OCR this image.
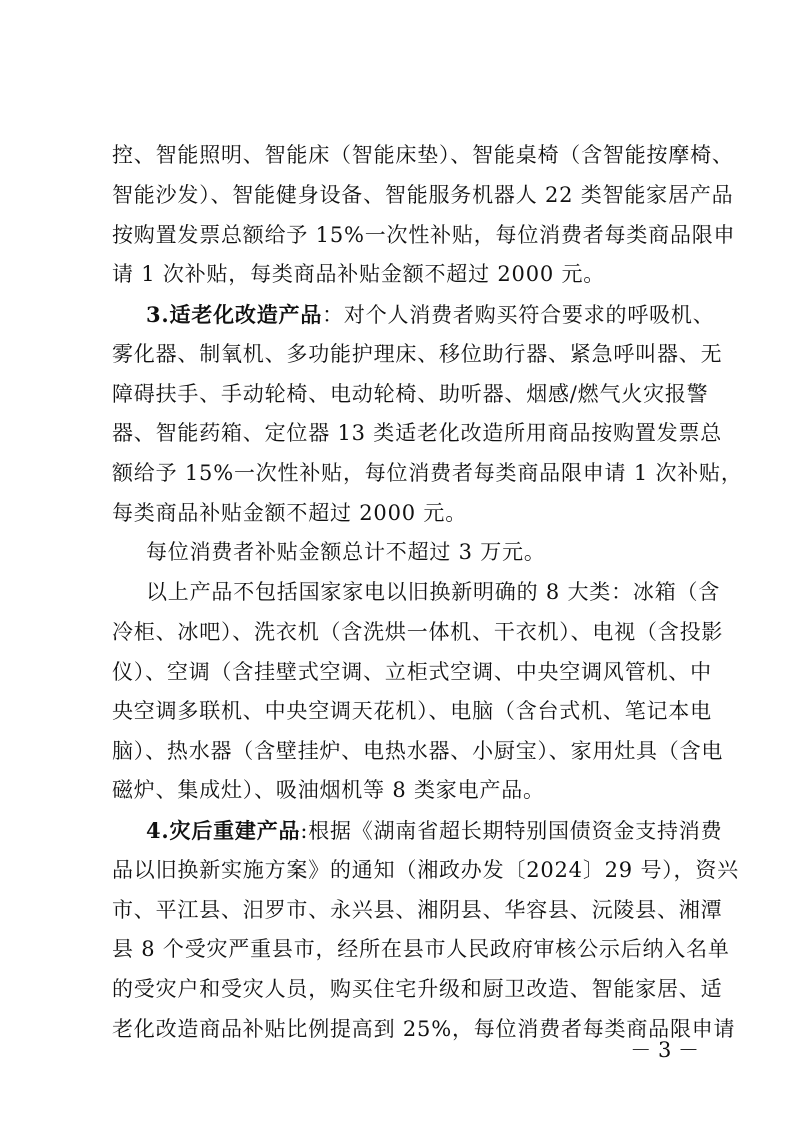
控、智能照明、智能床（智能床垫）、智能桌椅（含智能按摩椅、
智能沙发）、智能健身设备、智能服务机器人 22 类智能家居产品
按购置发票总额给予 15%一次性补贴，每位消费者每类商品限申
请 1 次补贴，每类商品补贴金额不超过 2000 元。
3.适老化改造产品：对个人消费者购买符合要求的呼吸机、
雾化器、制氧机、多功能护理床、移位助行器、紧急呼叫器、无
障碍扶手、手动轮椅、电动轮椅、助听器、烟感/燃气火灾报警
器、智能药箱、定位器 13 类适老化改造所用商品按购置发票总
额给予 15%一次性补贴，每位消费者每类商品限申请 1 次补贴，
每类商品补贴金额不超过 2000 元。
每位消费者补贴金额总计不超过 3 万元。
以上产品不包括国家家电以旧换新明确的 8 大类：冰箱（含
冷柜、冰吧）、洗衣机（含洗烘一体机、干衣机）、电视（含投影
仪）、空调（含挂壁式空调、立柜式空调、中央空调风管机、中
央空调多联机、中央空调天花机）、电脑（含台式机、笔记本电
脑）、热水器（含壁挂炉、电热水器、小厨宝）、家用灶具（含电
磁炉、集成灶）、吸油烟机等 8 类家电产品。
4.灾后重建产品:根据《湖南省超长期特别国债资金支持消费
品以旧换新实施方案》的通知（湘政办发〔2024〕29 号），资兴
市、平江县、汨罗市、永兴县、湘阴县、华容县、沅陵县、湘潭
县 8 个受灾严重县市，经所在县市人民政府审核公示后纳入名单
的受灾户和受灾人员，购买住宅升级和厨卫改造、智能家居、适
老化改造商品补贴比例提高到 25%，每位消费者每类商品限申请
－ 3 －
